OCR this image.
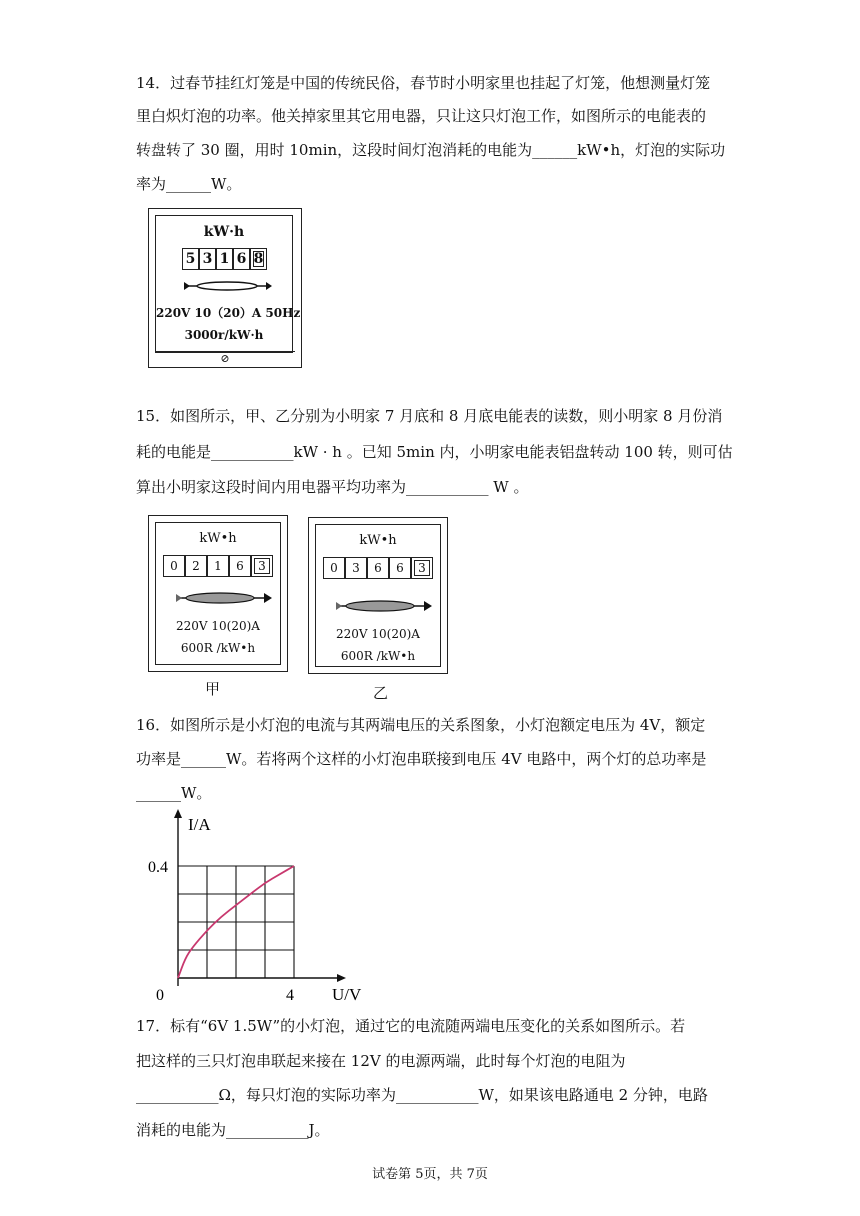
14．过春节挂红灯笼是中国的传统民俗，春节时小明家里也挂起了灯笼，他想测量灯笼
里白炽灯泡的功率。他关掉家里其它用电器，只让这只灯泡工作，如图所示的电能表的
转盘转了 30 圈，用时 10min，这段时间灯泡消耗的电能为______kW•h，灯泡的实际功
率为______W。
kW·h
5 3 1 6 8
220V 10（20）A 50Hz
3000r/kW·h
⊘
15．如图所示，甲、乙分别为小明家 7 月底和 8 月底电能表的读数，则小明家 8 月份消
耗的电能是___________kW · h 。已知 5min 内，小明家电能表铝盘转动 100 转，则可估
算出小明家这段时间内用电器平均功率为___________ W 。
kW•h
0	2	1	6	3
220V 10(20)A
600R /kW•h
甲
kW•h
0	3	6	6	3
220V 10(20)A
600R /kW•h
乙
16．如图所示是小灯泡的电流与其两端电压的关系图象，小灯泡额定电压为 4V，额定
功率是______W。若将两个这样的小灯泡串联接到电压 4V 电路中，两个灯的总功率是
______W。
I/A
U/V
0.4
4
0
17．标有“6V 1.5W”的小灯泡，通过它的电流随两端电压变化的关系如图所示。若
把这样的三只灯泡串联起来接在 12V 的电源两端，此时每个灯泡的电阻为
___________Ω，每只灯泡的实际功率为___________W，如果该电路通电 2 分钟，电路
消耗的电能为___________J。
试卷第 5页，共 7页
